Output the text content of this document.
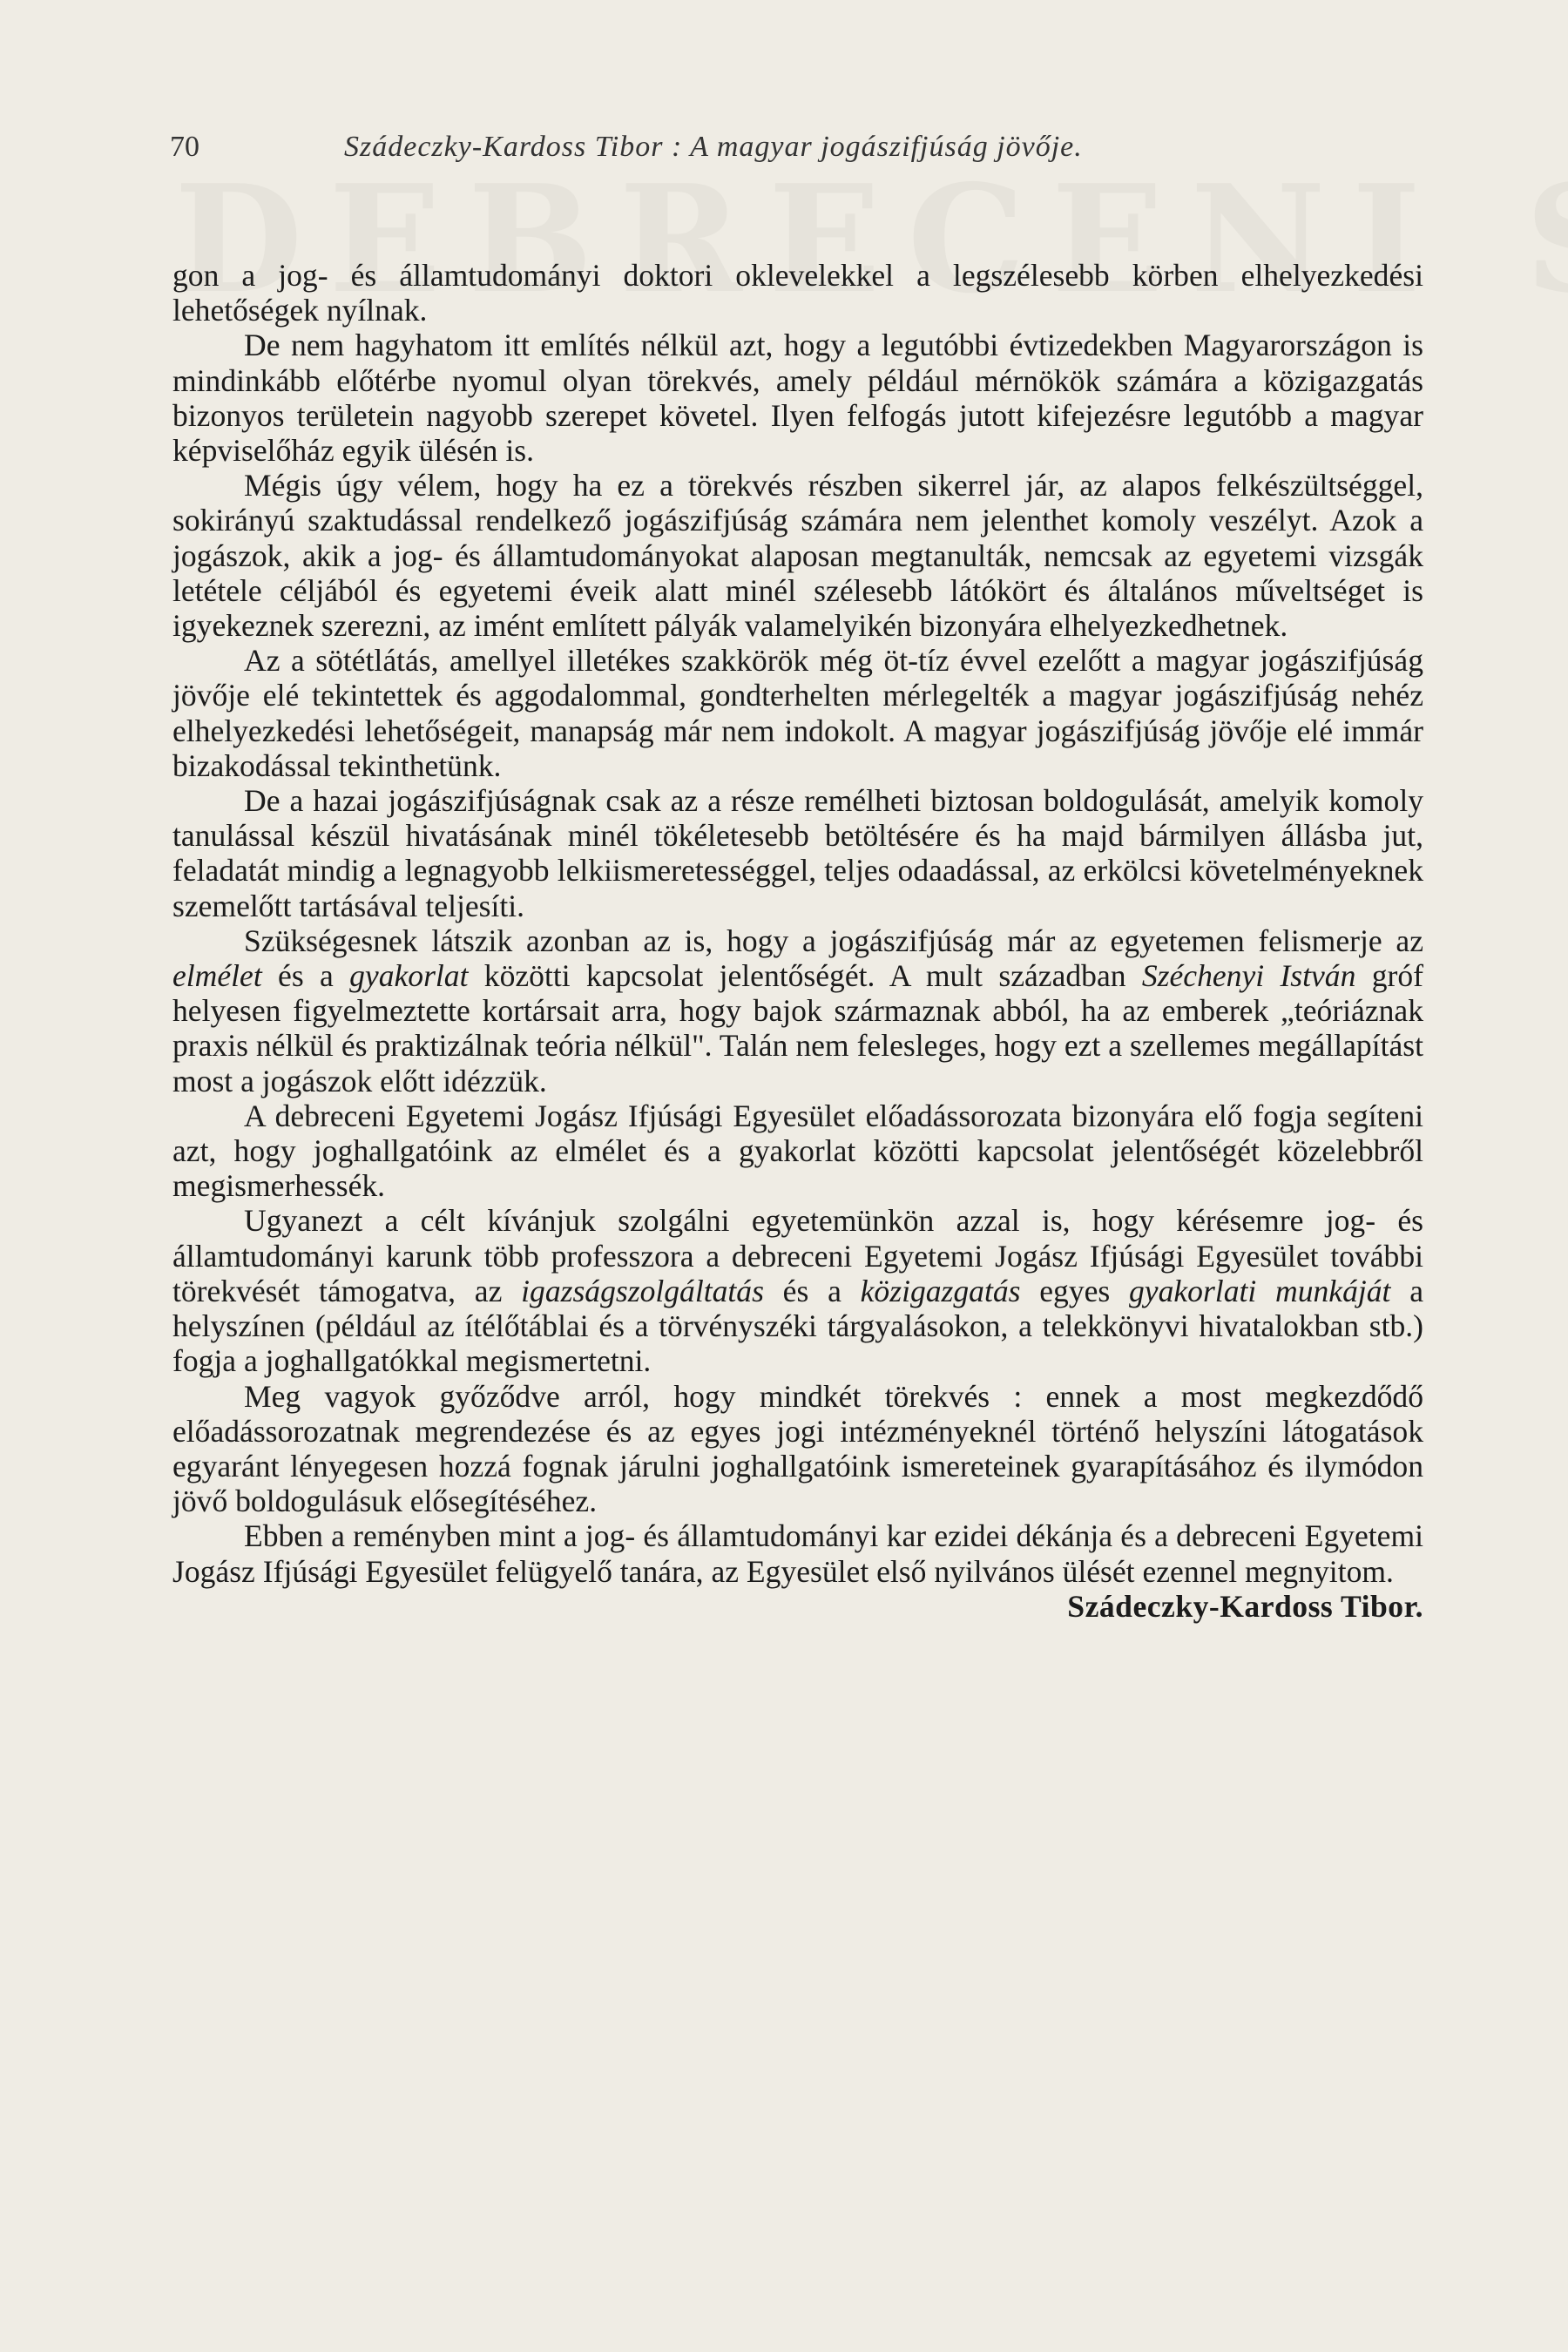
70	Szádeczky-Kardoss Tibor : A magyar jogászifjúság jövője.

gon a jog- és államtudományi doktori oklevelekkel a legszélesebb körben elhelyezkedési lehetőségek nyílnak.

De nem hagyhatom itt említés nélkül azt, hogy a legutóbbi évtizedekben Magyarországon is mindinkább előtérbe nyomul olyan törekvés, amely például mérnökök számára a közigazgatás bizonyos területein nagyobb szerepet követel. Ilyen felfogás jutott kifejezésre legutóbb a magyar képviselőház egyik ülésén is.

Mégis úgy vélem, hogy ha ez a törekvés részben sikerrel jár, az alapos felkészültséggel, sokirányú szaktudással rendelkező jogászifjúság számára nem jelenthet komoly veszélyt. Azok a jogászok, akik a jog- és államtudományokat alaposan megtanulták, nemcsak az egyetemi vizsgák letétele céljából és egyetemi éveik alatt minél szélesebb látókört és általános műveltséget is igyekeznek szerezni, az imént említett pályák valamelyikén bizonyára elhelyezkedhetnek.

Az a sötétlátás, amellyel illetékes szakkörök még öt-tíz évvel ezelőtt a magyar jogászifjúság jövője elé tekintettek és aggodalommal, gondterhelten mérlegelték a magyar jogászifjúság nehéz elhelyezkedési lehetőségeit, manapság már nem indokolt. A magyar jogászifjúság jövője elé immár bizakodással tekinthetünk.

De a hazai jogászifjúságnak csak az a része remélheti biztosan boldogulását, amelyik komoly tanulással készül hivatásának minél tökéletesebb betöltésére és ha majd bármilyen állásba jut, feladatát mindig a legnagyobb lelkiismeretességgel, teljes odaadással, az erkölcsi követelményeknek szemelőtt tartásával teljesíti.

Szükségesnek látszik azonban az is, hogy a jogászifjúság már az egyetemen felismerje az elmélet és a gyakorlat közötti kapcsolat jelentőségét. A mult században Széchenyi István gróf helyesen figyelmeztette kortársait arra, hogy bajok származnak abból, ha az emberek „teóriáznak praxis nélkül és praktizálnak teória nélkül". Talán nem felesleges, hogy ezt a szellemes megállapítást most a jogászok előtt idézzük.

A debreceni Egyetemi Jogász Ifjúsági Egyesület előadássorozata bizonyára elő fogja segíteni azt, hogy joghallgatóink az elmélet és a gyakorlat közötti kapcsolat jelentőségét közelebbről megismerhessék.

Ugyanezt a célt kívánjuk szolgálni egyetemünkön azzal is, hogy kérésemre jog- és államtudományi karunk több professzora a debreceni Egyetemi Jogász Ifjúsági Egyesület további törekvését támogatva, az igazságszolgáltatás és a közigazgatás egyes gyakorlati munkáját a helyszínen (például az ítélőtáblai és a törvényszéki tárgyalásokon, a telekkönyvi hivatalokban stb.) fogja a joghallgatókkal megismertetni.

Meg vagyok győződve arról, hogy mindkét törekvés : ennek a most megkezdődő előadássorozatnak megrendezése és az egyes jogi intézményeknél történő helyszíni látogatások egyaránt lényegesen hozzá fognak járulni joghallgatóink ismereteinek gyarapításához és ilymódon jövő boldogulásuk elősegítéséhez.

Ebben a reményben mint a jog- és államtudományi kar ezidei dékánja és a debreceni Egyetemi Jogász Ifjúsági Egyesület felügyelő tanára, az Egyesület első nyilvános ülését ezennel megnyitom.

Szádeczky-Kardoss Tibor.
